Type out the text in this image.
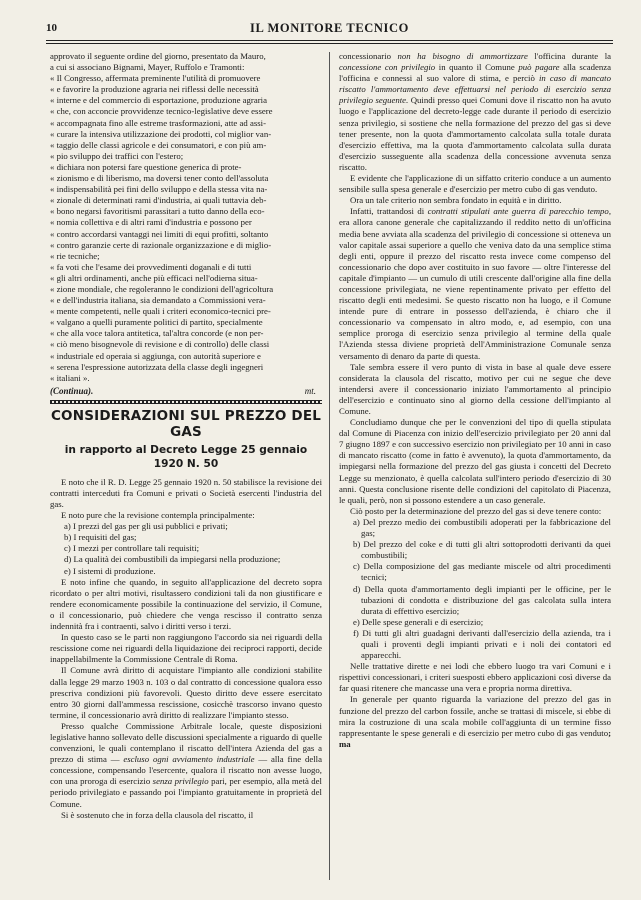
10	IL MONITORE TECNICO

approvato il seguente ordine del giorno, presentato da Mauro,

a cui si associano Bignami, Mayer, Ruffolo e Tramonti:

« Il Congresso, affermata preminente l'utilità di promuovere

« e favorire la produzione agraria nei riflessi delle necessità

« interne e del commercio di esportazione, produzione agraria

« che, con acconcie provvidenze tecnico-legislative deve essere

« accompagnata fino alle estreme trasformazioni, atte ad assi-

« curare la intensiva utilizzazione dei prodotti, col miglior van-

« taggio delle classi agricole e dei consumatori, e con più am-

« pio sviluppo dei traffici con l'estero;

« dichiara non potersi fare questione generica di prote-

« zionismo e di liberismo, ma doversi tener conto dell'assoluta

« indispensabilità pei fini dello sviluppo e della stessa vita na-

« zionale di determinati rami d'industria, ai quali tuttavia deb-

« bono negarsi favoritismi parassitari a tutto danno della eco-

« nomia collettiva e di altri rami d'industria e possono per

« contro accordarsi vantaggi nei limiti di equi profitti, soltanto

« contro garanzie certe di razionale organizzazione e di miglio-

« rie tecniche;

« fa voti che l'esame dei provvedimenti doganali e di tutti

« gli altri ordinamenti, anche più efficaci nell'odierna situa-

« zione mondiale, che regoleranno le condizioni dell'agricoltura

« e dell'industria italiana, sia demandato a Commissioni vera-

« mente competenti, nelle quali i criteri economico-tecnici pre-

« valgano a quelli puramente politici di partito, specialmente

« che alla voce talora antitetica, tal'altra concorde (e non per-

« ciò meno bisognevole di revisione e di controllo) delle classi

« industriale ed operaia si aggiunga, con autorità superiore e

« serena l'espressione autorizzata della classe degli ingegneri

« italiani ».

(Continua).	mt.
CONSIDERAZIONI SUL PREZZO DEL GAS
in rapporto al Decreto Legge 25 gennaio 1920 N. 50

E noto che il R. D. Legge 25 gennaio 1920 n. 50 stabilisce la revisione dei contratti interceduti fra Comuni e privati o Società esercenti l'industria del gas.

E noto pure che la revisione contempla principalmente:

a) I prezzi del gas per gli usi pubblici e privati;

b) I requisiti del gas;

c) I mezzi per controllare tali requisiti;

d) La qualità dei combustibili da impiegarsi nella produzione;

e) I sistemi di produzione.

E noto infine che quando, in seguito all'applicazione del decreto sopra ricordato o per altri motivi, risultassero condizioni tali da non giustificare e rendere economicamente possibile la continuazione del servizio, il Comune, o il concessionario, può chiedere che venga rescisso il contratto senza indennità fra i contraenti, salvo i diritti verso i terzi.

In questo caso se le parti non raggiungono l'accordo sia nei riguardi della rescissione come nei riguardi della liquidazione dei reciproci rapporti, decide inappellabilmente la Commissione Centrale di Roma.

Il Comune avrà diritto di acquistare l'impianto alle condizioni stabilite dalla legge 29 marzo 1903 n. 103 o dal contratto di concessione qualora esso prescriva condizioni più favorevoli. Questo diritto deve essere esercitato entro 30 giorni dall'ammessa rescissione, cosicchè trascorso invano questo termine, il concessionario avrà diritto di realizzare l'impianto stesso.

Presso qualche Commissione Arbitrale locale, queste disposizioni legislative hanno sollevato delle discussioni specialmente a riguardo di quelle convenzioni, le quali contemplano il riscatto dell'intera Azienda del gas a prezzo di stima — escluso ogni avviamento industriale — alla fine della concessione, compensando l'esercente, qualora il riscatto non avesse luogo, con una proroga di esercizio senza privilegio pari, per esempio, alla metà del periodo privilegiato e passando poi l'impianto gratuitamente in proprietà del Comune.

Si è sostenuto che in forza della clausola del riscatto, il

concessionario non ha bisogno di ammortizzare l'officina durante la concessione con privilegio in quanto il Comune può pagare alla scadenza l'officina e connessi al suo valore di stima, e perciò in caso di mancato riscatto l'ammortamento deve effettuarsi nel periodo di esercizio senza privilegio seguente. Quindi presso quei Comuni dove il riscatto non ha avuto luogo e l'applicazione del decreto-legge cade durante il periodo di esercizio senza privilegio, si sostiene che nella formazione del prezzo del gas si deve tener presente, non la quota d'ammortamento calcolata sulla totale durata d'esercizio effettiva, ma la quota d'ammortamento calcolata sulla durata d'esercizio susseguente alla scadenza della concessione avvenuta senza riscatto.

E evidente che l'applicazione di un siffatto criterio conduce a un aumento sensibile sulla spesa generale e d'esercizio per metro cubo di gas venduto.

Ora un tale criterio non sembra fondato in equità e in diritto.

Infatti, trattandosi di contratti stipulati ante guerra di parecchio tempo, era allora canone generale che capitalizzando il reddito netto di un'officina media bene avviata alla scadenza del privilegio di concessione si otteneva un valor capitale assai superiore a quello che veniva dato da una semplice stima degli enti, oppure il prezzo del riscatto resta invece come compenso del concessionario che dopo aver costituito in suo favore — oltre l'interesse del capitale d'impianto — un cumulo di utili crescente dall'origine alla fine della concessione privilegiata, ne viene repentinamente privato per effetto del riscatto degli enti medesimi. Se questo riscatto non ha luogo, e il Comune intende pure di entrare in possesso dell'azienda, è chiaro che il concessionario va compensato in altro modo, e, ad esempio, con una semplice proroga di esercizio senza privilegio al termine della quale l'Azienda stessa diviene proprietà dell'Amministrazione Comunale senza versamento di denaro da parte di questa.

Tale sembra essere il vero punto di vista in base al quale deve essere considerata la clausola del riscatto, motivo per cui ne segue che deve intendersi avere il concessionario iniziato l'ammortamento al principio dell'esercizio e continuato sino al giorno della cessione dell'impianto al Comune.

Concludiamo dunque che per le convenzioni del tipo di quella stipulata dal Comune di Piacenza con inizio dell'esercizio privilegiato per 20 anni dal 7 giugno 1897 e con successivo esercizio non privilegiato per 10 anni in caso di mancato riscatto (come in fatto è avvenuto), la quota d'ammortamento, da impiegarsi nella formazione del prezzo del gas giusta i concetti del Decreto Legge su menzionato, è quella calcolata sull'intero periodo d'esercizio di 30 anni. Questa conclusione risente delle condizioni del capitolato di Piacenza, le quali, però, non si possono estendere a un caso generale.

Ciò posto per la determinazione del prezzo del gas si deve tenere conto:

a) Del prezzo medio dei combustibili adoperati per la fabbricazione del gas;

b) Del prezzo del coke e di tutti gli altri sottoprodotti derivanti da quei combustibili;

c) Della composizione del gas mediante miscele od altri procedimenti tecnici;

d) Della quota d'ammortamento degli impianti per le officine, per le tubazioni di condotta e distribuzione del gas calcolata sulla intera durata di effettivo esercizio;

e) Delle spese generali e di esercizio;

f) Di tutti gli altri guadagni derivanti dall'esercizio della azienda, tra i quali i proventi degli impianti privati e i noli dei contatori ed apparecchi.

Nelle trattative dirette e nei lodi che ebbero luogo tra vari Comuni e i rispettivi concessionari, i criteri suesposti ebbero applicazioni così diverse da far quasi ritenere che mancasse una vera e propria norma direttiva.

In generale per quanto riguarda la variazione del prezzo del gas in funzione del prezzo del carbon fossile, anche se trattasi di miscele, si ebbe di mira la costruzione di una scala mobile coll'aggiunta di un termine fisso rappresentante le spese generali e di esercizio per metro cubo di gas venduto; ma
